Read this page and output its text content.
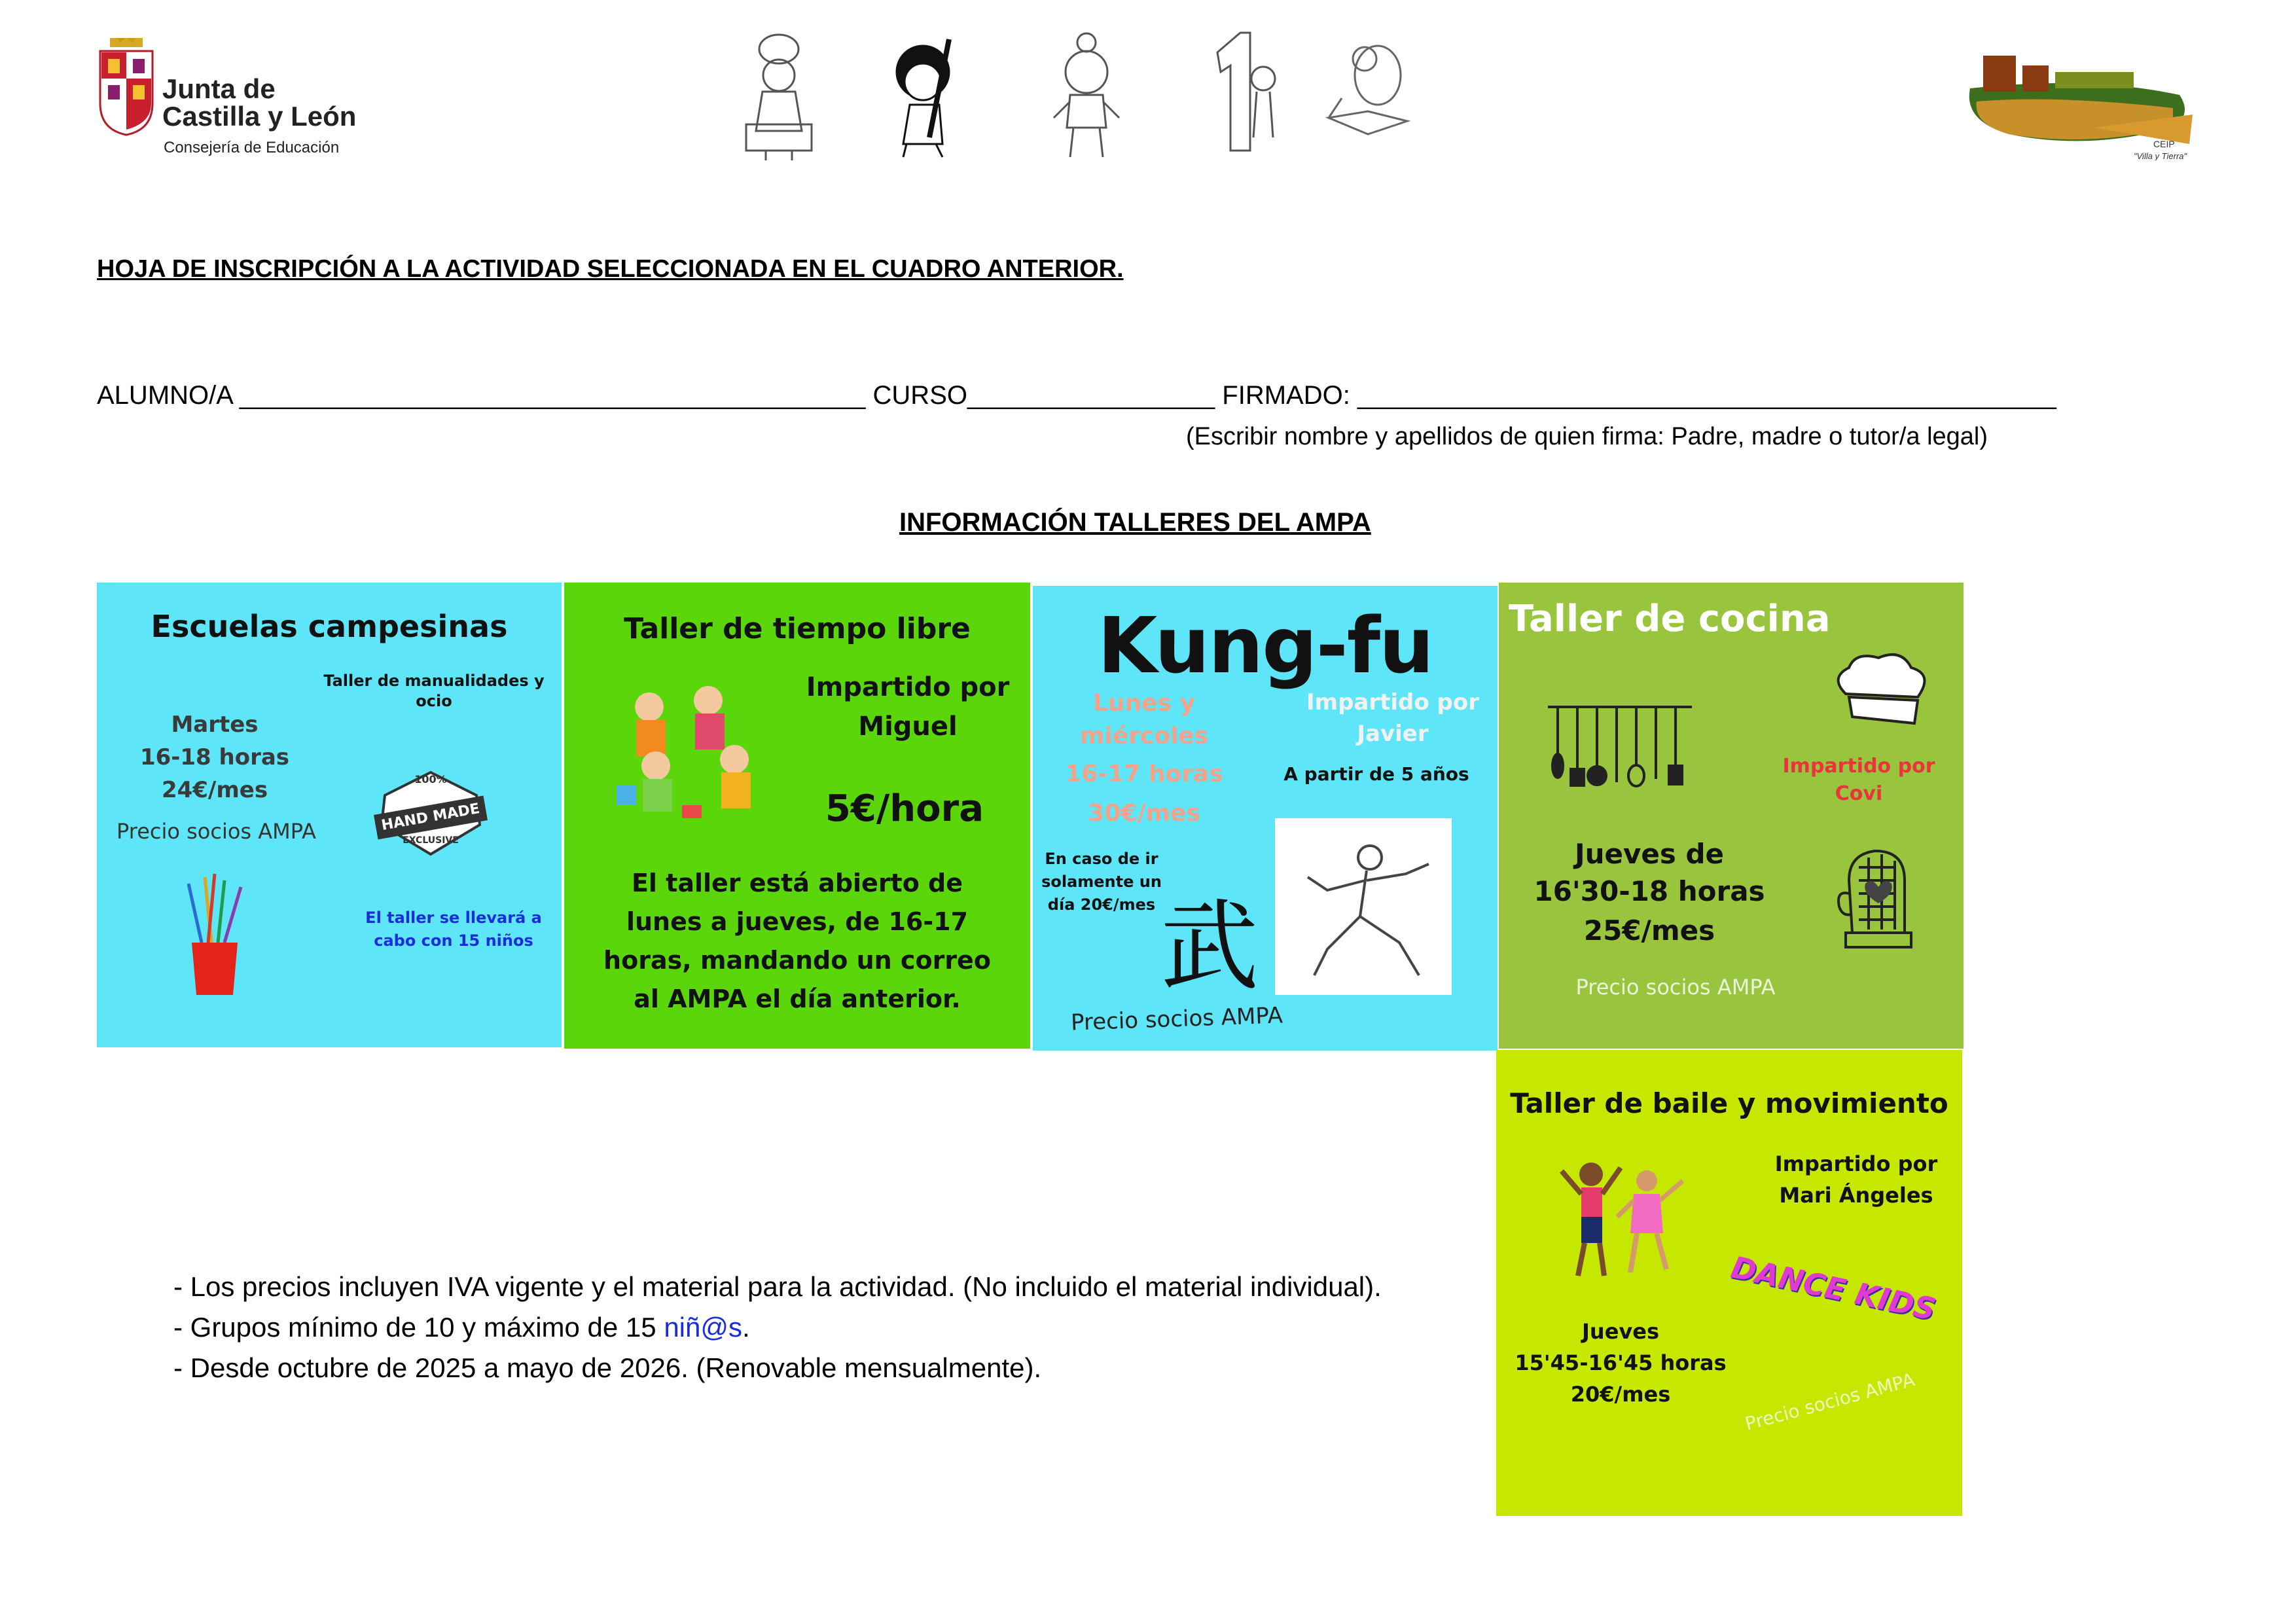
Junta de
Castilla y León
Consejería de Educación	CEIP
"Villa y Tierra"
HOJA DE INSCRIPCIÓN A LA ACTIVIDAD SELECCIONADA EN EL CUADRO ANTERIOR.
ALUMNO/A ___________________________________________ CURSO_________________ FIRMADO: ________________________________________________
(Escribir nombre y apellidos de quien firma: Padre, madre o tutor/a legal)
INFORMACIÓN TALLERES DEL AMPA
Escuelas campesinas
Taller de manualidades y ocio
Martes
16-18 horas
24€/mes
Precio socios AMPA
100%
HAND MADE
EXCLUSIVE
El taller se llevará a cabo con 15 niños
Taller de tiempo libre
Impartido por Miguel
5€/hora
El taller está abierto de lunes a jueves, de 16-17 horas, mandando un correo al AMPA el día anterior.
Kung-fu
Lunes y miércoles
16-17 horas
30€/mes
Impartido por Javier
A partir de 5 años
En caso de ir solamente un día 20€/mes 武
Precio socios AMPA
Taller de cocina
Impartido por Covi
Jueves de
16'30-18 horas
25€/mes
Precio socios AMPA
Taller de baile y movimiento
Impartido por Mari Ángeles
DANCE KIDS
Jueves
15'45-16'45 horas
20€/mes	Precio socios AMPA

- Los precios incluyen IVA vigente y el material para la actividad. (No incluido el material individual).

- Grupos mínimo de 10 y máximo de 15 niñ@s.

- Desde octubre de 2025 a mayo de 2026. (Renovable mensualmente).
